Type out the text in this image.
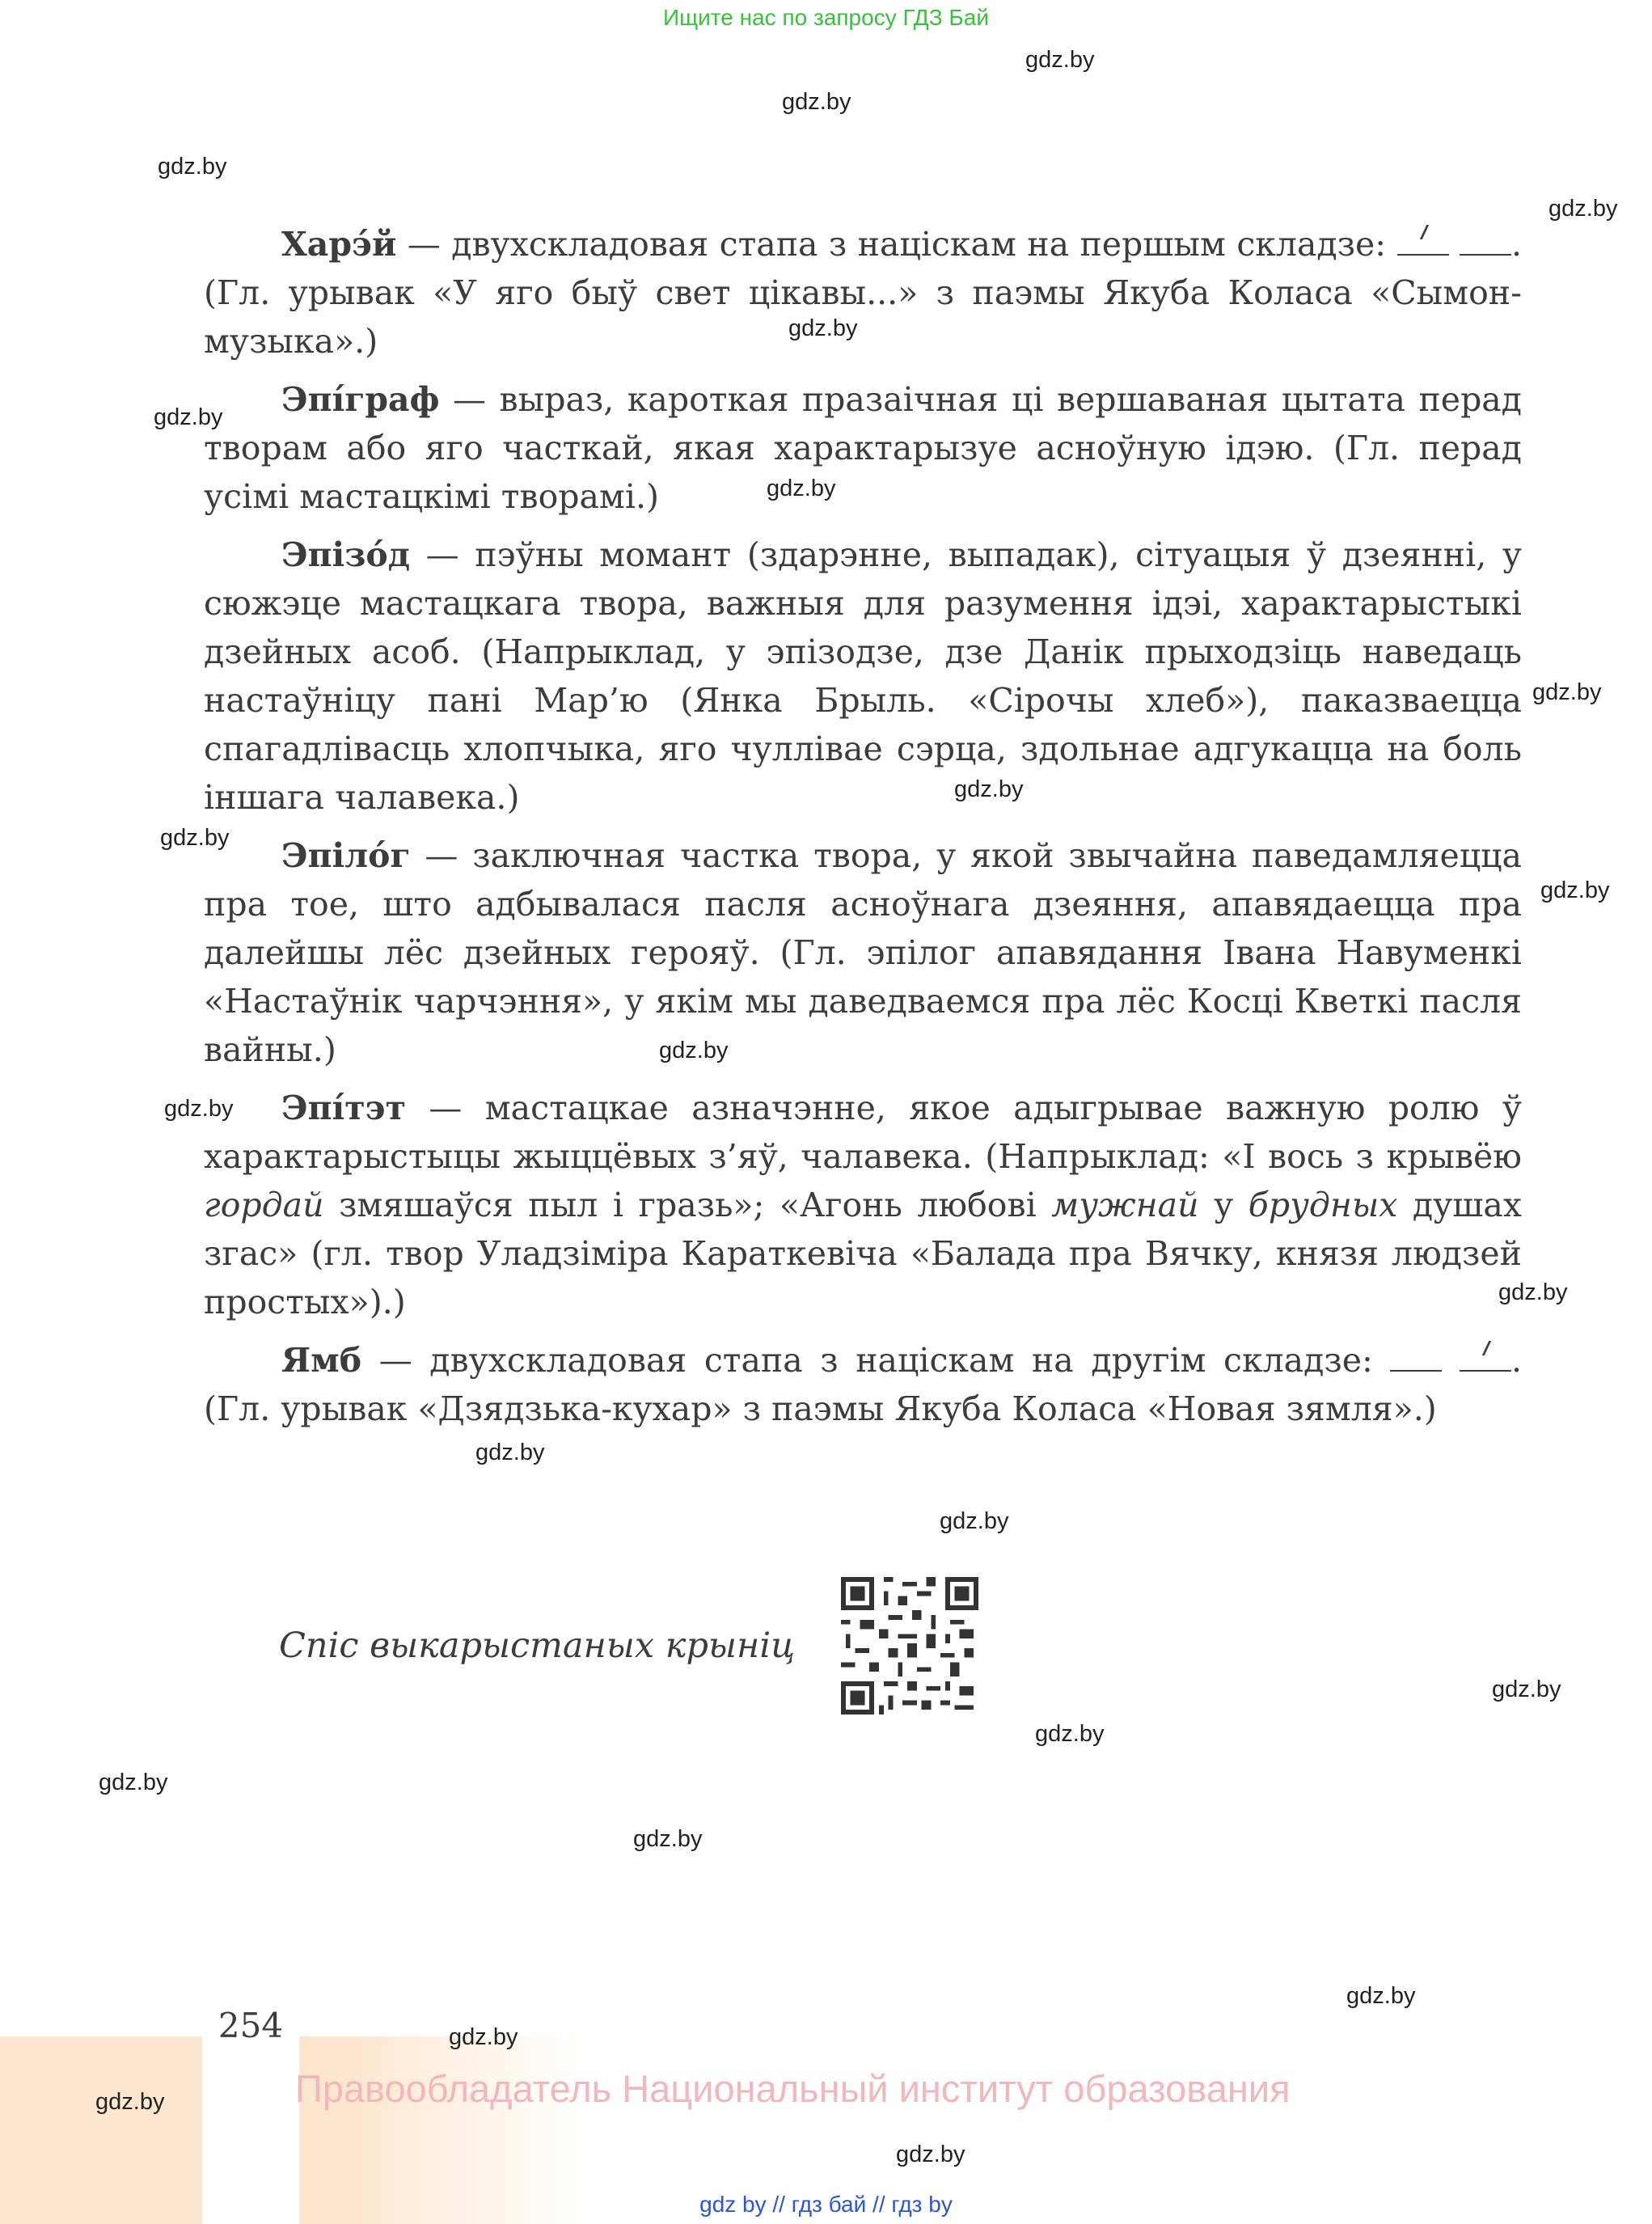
Ищите нас по запросу ГДЗ Бай
gdz.by
gdz.by
gdz.by
gdz.by
gdz.by
gdz.by
gdz.by
gdz.by
gdz.by
gdz.by
gdz.by
gdz.by
gdz.by
gdz.by
gdz.by
gdz.by
gdz.by
gdz.by
gdz.by
gdz.by
gdz.by

Харэ́й — двухскладовая стапа з націскам на першым складзе:	. (Гл. урывак «У яго быў свет цікавы...» з паэмы Якуба Коласа «Сымон-музыка».)

Эпі́граф — выраз, кароткая празаічная ці вершаваная цытата перад творам або яго часткай, якая характарызуе асноўную ідэю. (Гл. перад усімі мастацкімі творамі.)

Эпізо́д — пэўны момант (здарэнне, выпадак), сітуацыя ў дзеянні, у сюжэце мастацкага твора, важныя для разумення ідэі, характарыстыкі дзейных асоб. (Напрыклад, у эпізодзе, дзе Данік прыходзіць наведаць настаўніцу пані Мар’ю (Янка Брыль. «Сірочы хлеб»), паказваецца спагадлівасць хлопчыка, яго чуллівае сэрца, здольнае адгукацца на боль іншага чалавека.)

Эпіло́г — заключная частка твора, у якой звычайна паведамляецца пра тое, што адбывалася пасля асноўнага дзеяння, апавядаецца пра далейшы лёс дзейных герояў. (Гл. эпілог апавядання Івана Навуменкі «Настаўнік чарчэння», у якім мы даведваемся пра лёс Косці Кветкі пасля вайны.)

Эпі́тэт — мастацкае азначэнне, якое адыгрывае важную ролю ў характарыстыцы жыццёвых з’яў, чалавека. (Напрыклад: «І вось з крывёю гордай змяшаўся пыл і гразь»; «Агонь любові мужнай у брудных душах згас» (гл. твор Уладзіміра Караткевіча «Балада пра Вячку, князя людзей простых»).)

Ямб — двухскладовая стапа з націскам на другім складзе:	. (Гл. урывак «Дзядзька-кухар» з паэмы Якуба Коласа «Новая зямля».)

Спіс выкарыстаных крыніц
254
Правообладатель Национальный институт образования
gdz.by
gdz.by
gdz.by
gdz by // гдз бай // гдз by
